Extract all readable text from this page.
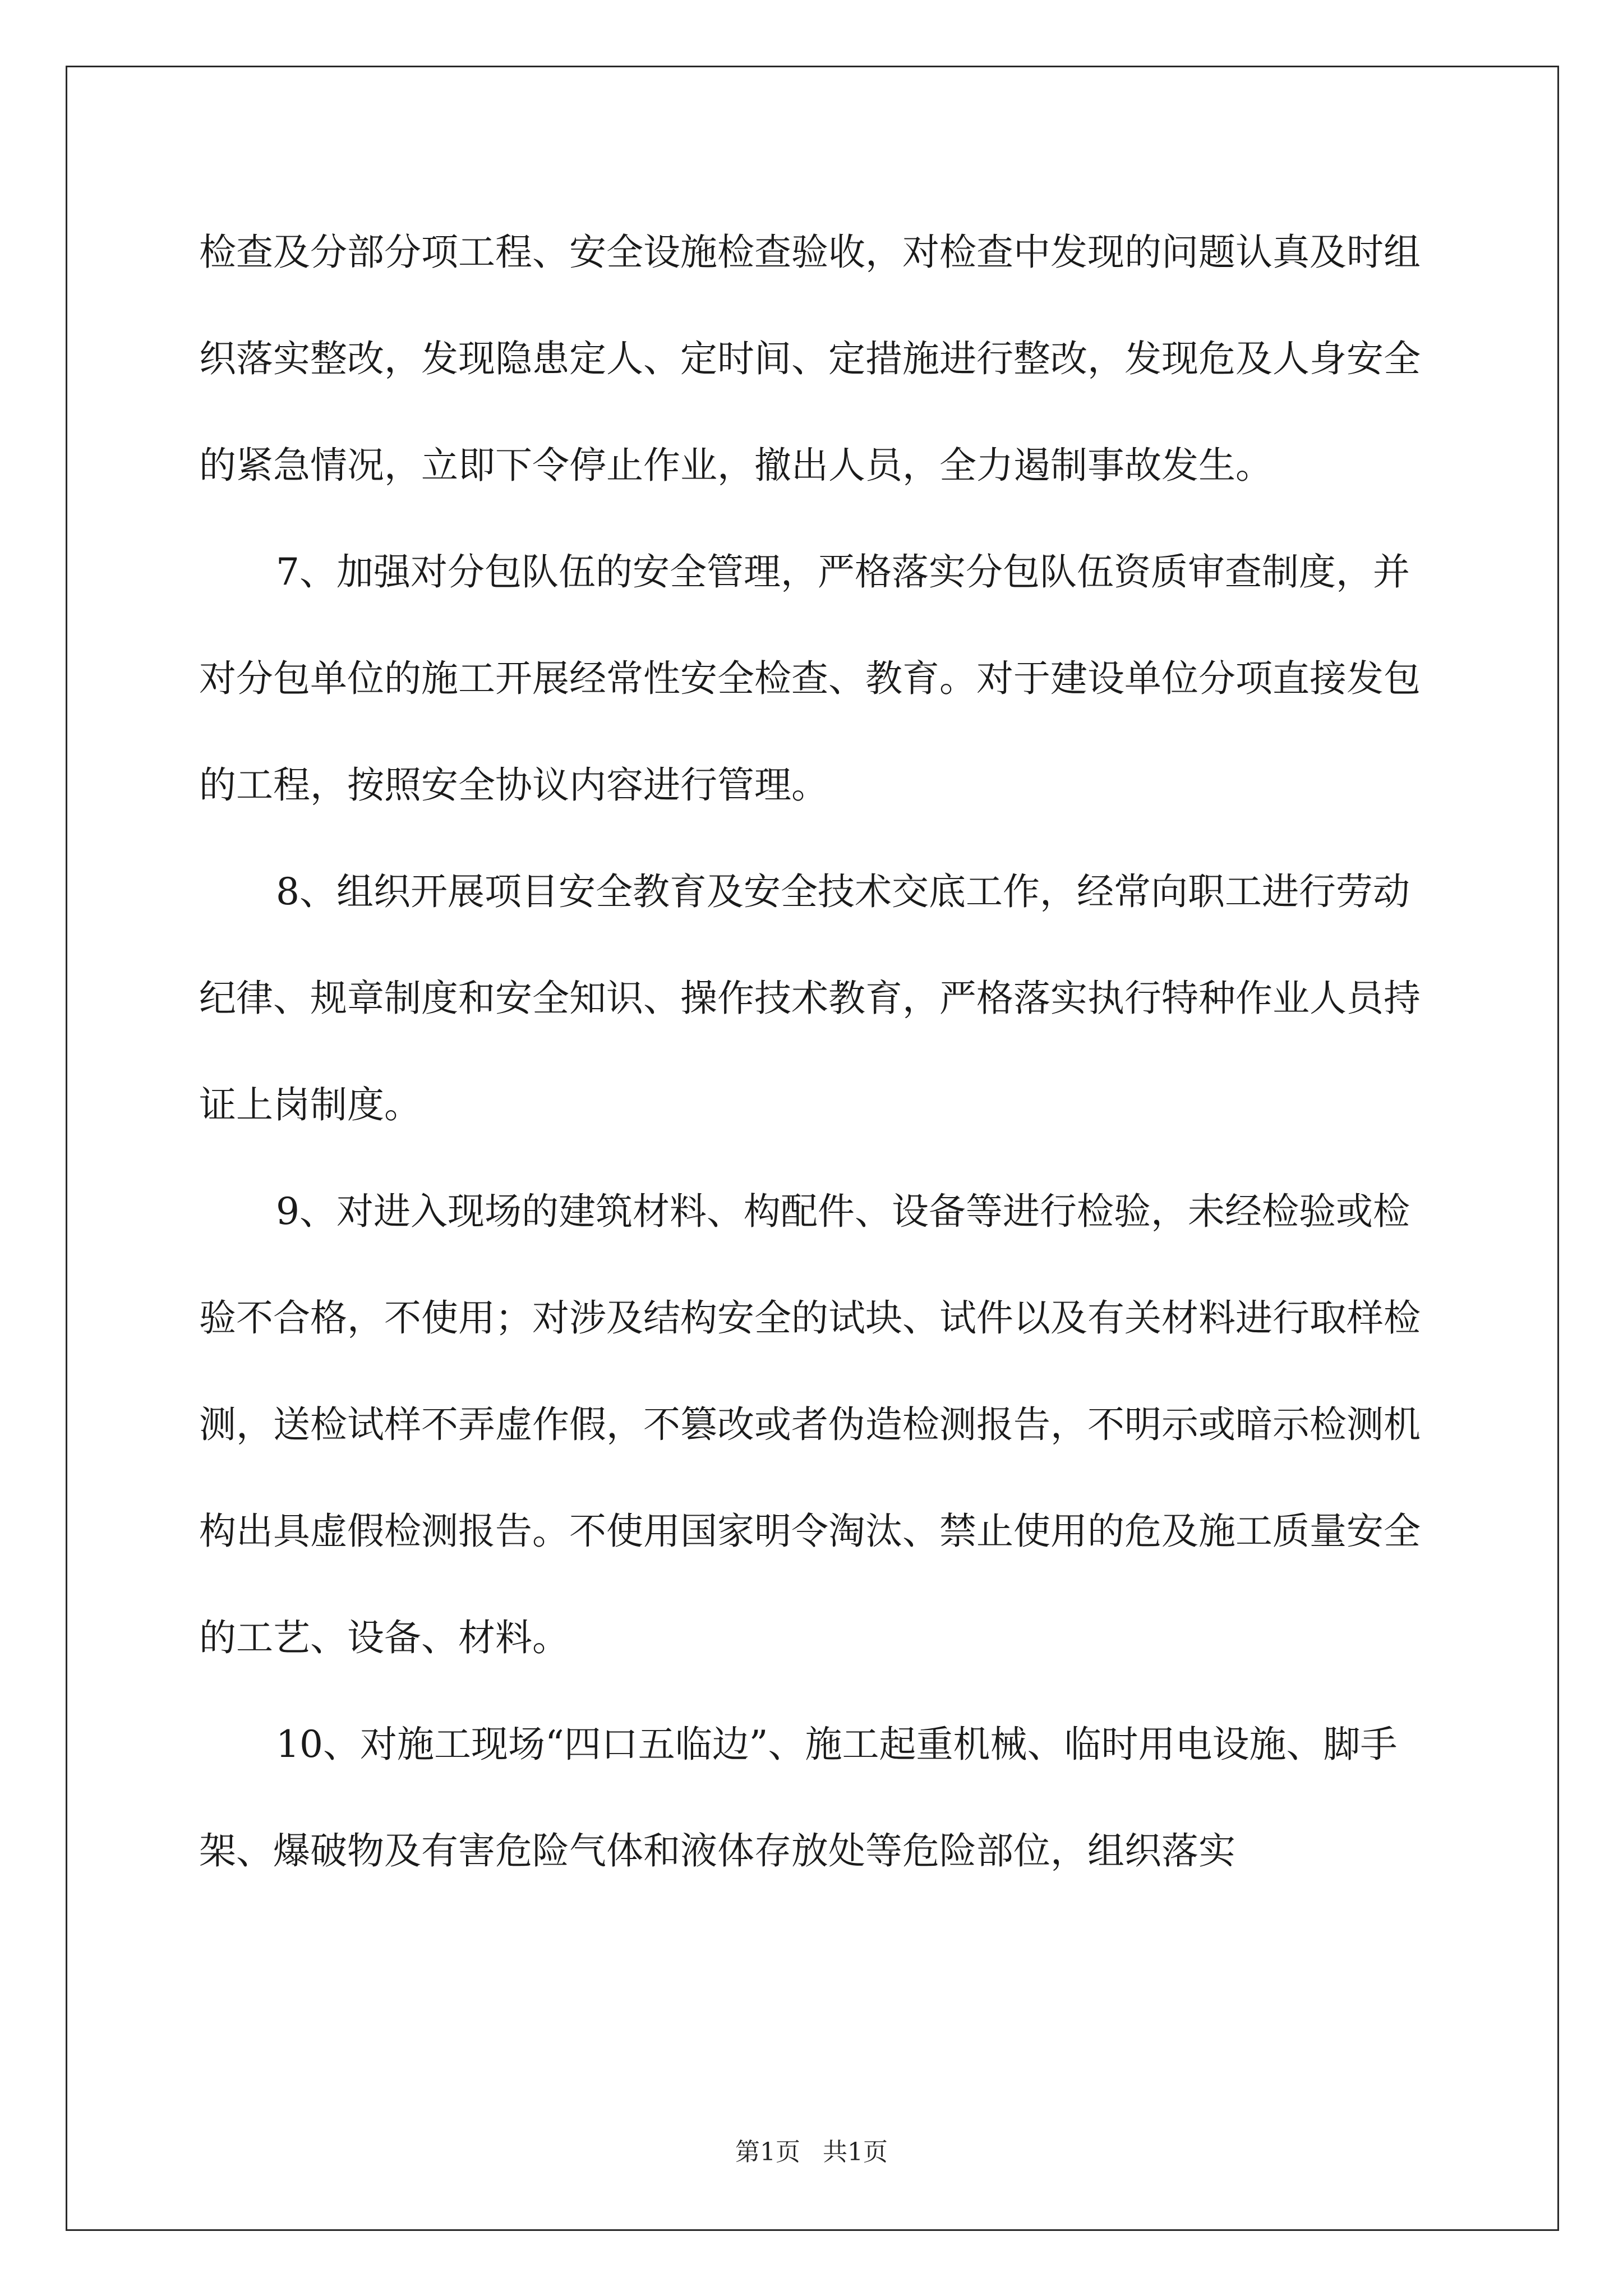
检查及分部分项工程、安全设施检查验收，对检查中发现的问题认真及时组织落实整改，发现隐患定人、定时间、定措施进行整改，发现危及人身安全的紧急情况，立即下令停止作业，撤出人员，全力遏制事故发生。

7、加强对分包队伍的安全管理，严格落实分包队伍资质审查制度，并对分包单位的施工开展经常性安全检查、教育。对于建设单位分项直接发包的工程，按照安全协议内容进行管理。

8、组织开展项目安全教育及安全技术交底工作，经常向职工进行劳动纪律、规章制度和安全知识、操作技术教育，严格落实执行特种作业人员持证上岗制度。

9、对进入现场的建筑材料、构配件、设备等进行检验，未经检验或检验不合格，不使用；对涉及结构安全的试块、试件以及有关材料进行取样检测，送检试样不弄虚作假，不篡改或者伪造检测报告，不明示或暗示检测机构出具虚假检测报告。不使用国家明令淘汰、禁止使用的危及施工质量安全的工艺、设备、材料。

10、对施工现场“四口五临边”、施工起重机械、临时用电设施、脚手架、爆破物及有害危险气体和液体存放处等危险部位，组织落实

第1页 共1页
